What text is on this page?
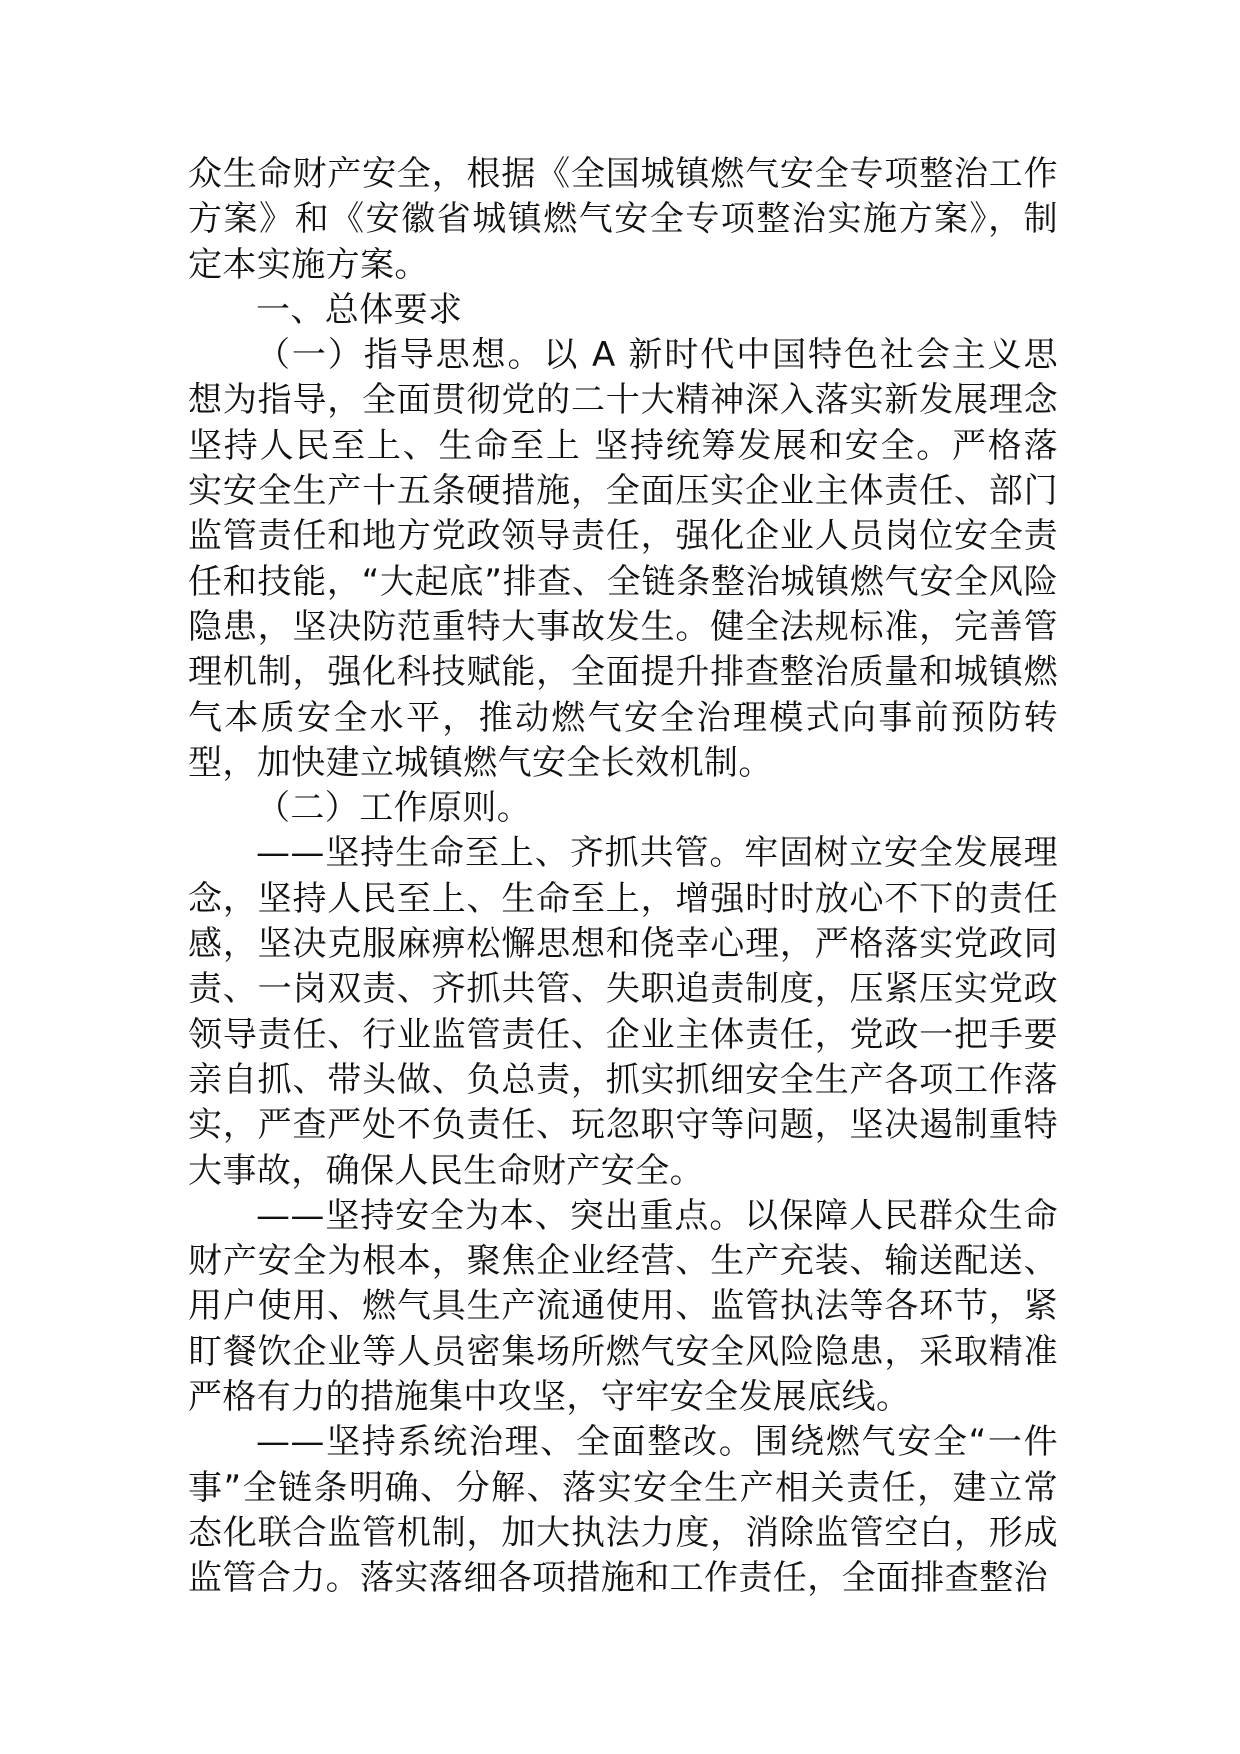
众生命财产安全，根据《全国城镇燃气安全专项整治工作方案》和《安徽省城镇燃气安全专项整治实施方案》，制定本实施方案。

一、总体要求

（一）指导思想。以 A 新时代中国特色社会主义思想为指导，全面贯彻党的二十大精神深入落实新发展理念 坚持人民至上、生命至上 坚持统筹发展和安全。严格落实安全生产十五条硬措施，全面压实企业主体责任、部门监管责任和地方党政领导责任，强化企业人员岗位安全责任和技能，“大起底”排查、全链条整治城镇燃气安全风险隐患，坚决防范重特大事故发生。健全法规标准，完善管理机制，强化科技赋能，全面提升排查整治质量和城镇燃气本质安全水平，推动燃气安全治理模式向事前预防转型，加快建立城镇燃气安全长效机制。

（二）工作原则。

——坚持生命至上、齐抓共管。牢固树立安全发展理念，坚持人民至上、生命至上，增强时时放心不下的责任感，坚决克服麻痹松懈思想和侥幸心理，严格落实党政同责、一岗双责、齐抓共管、失职追责制度，压紧压实党政领导责任、行业监管责任、企业主体责任，党政一把手要亲自抓、带头做、负总责，抓实抓细安全生产各项工作落实，严查严处不负责任、玩忽职守等问题，坚决遏制重特大事故，确保人民生命财产安全。

——坚持安全为本、突出重点。以保障人民群众生命财产安全为根本，聚焦企业经营、生产充装、输送配送、用户使用、燃气具生产流通使用、监管执法等各环节，紧盯餐饮企业等人员密集场所燃气安全风险隐患，采取精准严格有力的措施集中攻坚，守牢安全发展底线。

——坚持系统治理、全面整改。围绕燃气安全“一件事”全链条明确、分解、落实安全生产相关责任，建立常态化联合监管机制，加大执法力度，消除监管空白，形成监管合力。落实落细各项措施和工作责任，全面排查整治
